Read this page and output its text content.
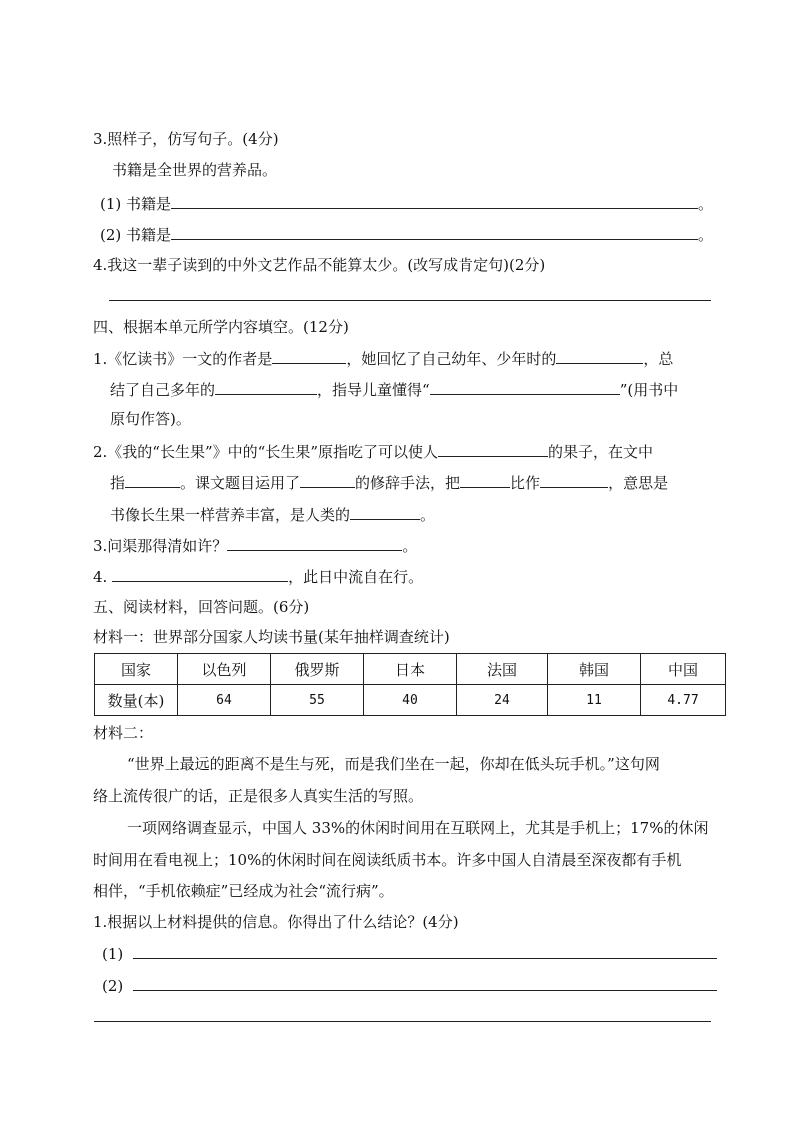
3.照样子，仿写句子。(4分)
书籍是全世界的营养品。
(1) 书籍是	。
(2) 书籍是	。
4.我这一辈子读到的中外文艺作品不能算太少。(改写成肯定句)(2分)
四、根据本单元所学内容填空。(12分)
1.《忆读书》一文的作者是	，她回忆了自己幼年、少年时的	，总
结了自己多年的	，指导儿童懂得“	”(用书中
原句作答)。
2.《我的“长生果”》中的“长生果”原指吃了可以使人	的果子，在文中
指	。课文题目运用了	的修辞手法，把	比作	，意思是
书像长生果一样营养丰富，是人类的	。
3.问渠那得清如许？	。
4.	，此日中流自在行。
五、阅读材料，回答问题。(6分)
材料一：世界部分国家人均读书量(某年抽样调查统计)
国家	以色列	俄罗斯	日本	法国	韩国	中国
数量(本)	64	55	40	24	11	4.77
材料二：
“世界上最远的距离不是生与死，而是我们坐在一起，你却在低头玩手机。”这句网
络上流传很广的话，正是很多人真实生活的写照。
一项网络调查显示，中国人 33%的休闲时间用在互联网上，尤其是手机上；17%的休闲
时间用在看电视上；10%的休闲时间在阅读纸质书本。许多中国人自清晨至深夜都有手机
相伴，“手机依赖症”已经成为社会“流行病”。
1.根据以上材料提供的信息。你得出了什么结论？(4分)
(1)
(2)
